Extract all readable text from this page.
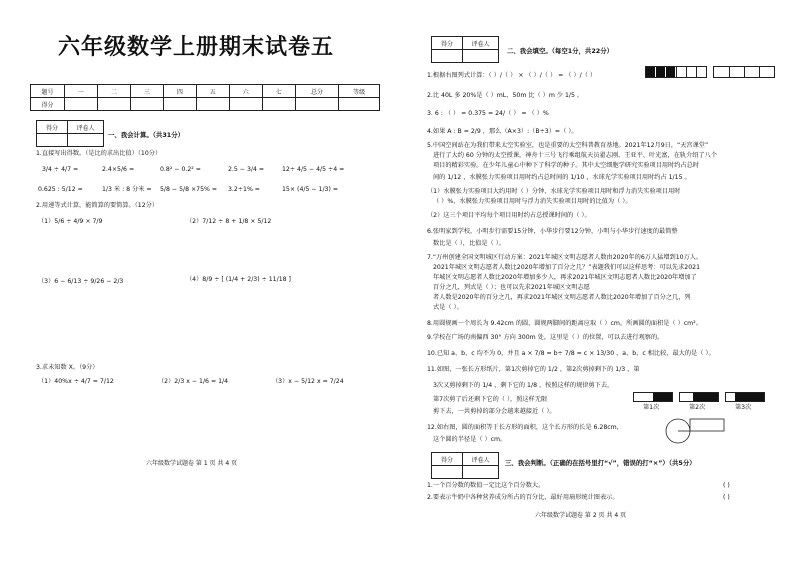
六年级数学上册期末试卷五
题号	一	二	三	四	五	六	七	总分	等级
得分									
得分	评卷人

一、我会计算。（共31分）
1.直接写出得数。（是比的求出比值）（10分）
3/4 ÷ 4/7 =	2.4×5/6 =	0.8² − 0.2² =	2.5 − 3/4 =	12÷ 4/5 − 4/5 ÷4 =
0.625 : 5/12 =	1/3 米 : 8 分米 = 5/8 − 5/8 ×75% = 3.2÷1% =	15× (4/5 − 1/3) =
2.用递等式计算，能简算的要简算。（12分）
（1）5/6 ÷ 4/9 × 7/9	（2）7/12 ÷ 8 + 1/8 × 5/12
（3）6 − 6/13 ÷ 9/26 − 2/3	（4）8/9 ÷ [ (1/4 + 2/3) ÷ 11/18 ]
3.求未知数 X。（9分）
（1）40%x ÷ 4/7 = 7/12	（2）2/3 x − 1/6 = 1/4	（3）x − 5/12 x = 7/24
六年级数学试题卷 第 1 页 共 4 页
得分	评卷人

二、我会填空。（每空1分，共22分）
1.根据右图列式计算：（ ）/（ ） × （ ）/（ ） = （ ）/（ ）
2.比 40L 多 20%是（ ）mL，50m 比（ ）m 少 1/5 。
3. 6 : （ ） = 0.375 = 24/（ ） = （ ）%
4.如果 A : B = 2/9 ，那么（A×3）:（B÷3）=（ ）。
5.中国空间站在为我们带来太空实验室，也是重要的太空科普教育基地。2021年12月9日，“天宫课堂”
进行了大约 60 分钟的太空授课，神舟十三号飞行乘组航天员翟志刚、王亚平、叶光富，在轨介绍了八个
项目的精彩实验。在少年儿童心中种下了科学的种子。其中太空细胞学研究实验项目用时约占总时
间的 1/12 ，水膜张力实验项目用时约占总时间的 1/10 ，水球光学实验项目用时约占 1/15 。
（1）水膜张力实验项目大约用时（ ）分钟，水球光学实验项目用时和浮力消失实验项目用时
（ ）%，水膜张力实验项目用时与浮力消失实验项目用时的比值为（ ）。
（2）这三个项目平均每个项目用时约占总授课时间的（ ）。
6.张明家到学校，小明步行需要15分钟，小华步行要12分钟，小明与小华步行速度的最简整
数比是（ ），比值是（ ）。
7.“万州创建全国文明城区行动方案：2021年城区文明志愿者人数由2020年的6万人猛增到10万人。
2021年城区文明志愿者人数比2020年增加了百分之几？”表题我们可以这样思考：可以先求2021
年城区文明志愿者人数比2020年增加多少人，再求2021年城区文明志愿者人数比2020年增加了
百分之几，列式是（ ）；也可以先求2021年城区文明志愿
者人数是2020年的百分之几，再求2021年城区文明志愿者人数比2020年增加了百分之几，列
式是（ ）。
8.用圆规画一个周长为 9.42cm 的圆，圆规两脚间的距离应取（ ）cm，所画圆的面积是（ ）cm²。
9.学校在广场的南偏西 30° 方向 300m 处，这里是（ ）的位置，可以去进行观察的。
10.已知 a、b、c 均不为 0，并且 a × 7/8 = b÷ 7/8 = c × 13/30 ，a、b、c 相比较，最大的是（ ）。
11.如图，一张长方形纸片，第1次剪掉它的 1/2 ，第2次剪掉剩下的 1/3 ，第
3次又剪掉剩下的 1/4 ，剩下它的 1/8 ，按照这样的规律剪下去，
第7次剪了后还剩下它的（ ），照这样无限
剪下去，一共剪掉的部分会越来越接近（ ）。
12.如右图，圆的面积等于长方形的面积，这个长方形的长是 6.28cm，
这个圆的半径是（ ）cm。
第1次	第2次	第3次
得分	评卷人
	三、我会判断。（正确的在括号里打“√”，错误的打“×”）（共5分）
1.一个百分数的数值一定比这个百分数大。	( )
2.要表示牛奶中各种营养成分所占的百分比，最好用扇形统计图表示。	( )
六年级数学试题卷 第 2 页 共 4 页
